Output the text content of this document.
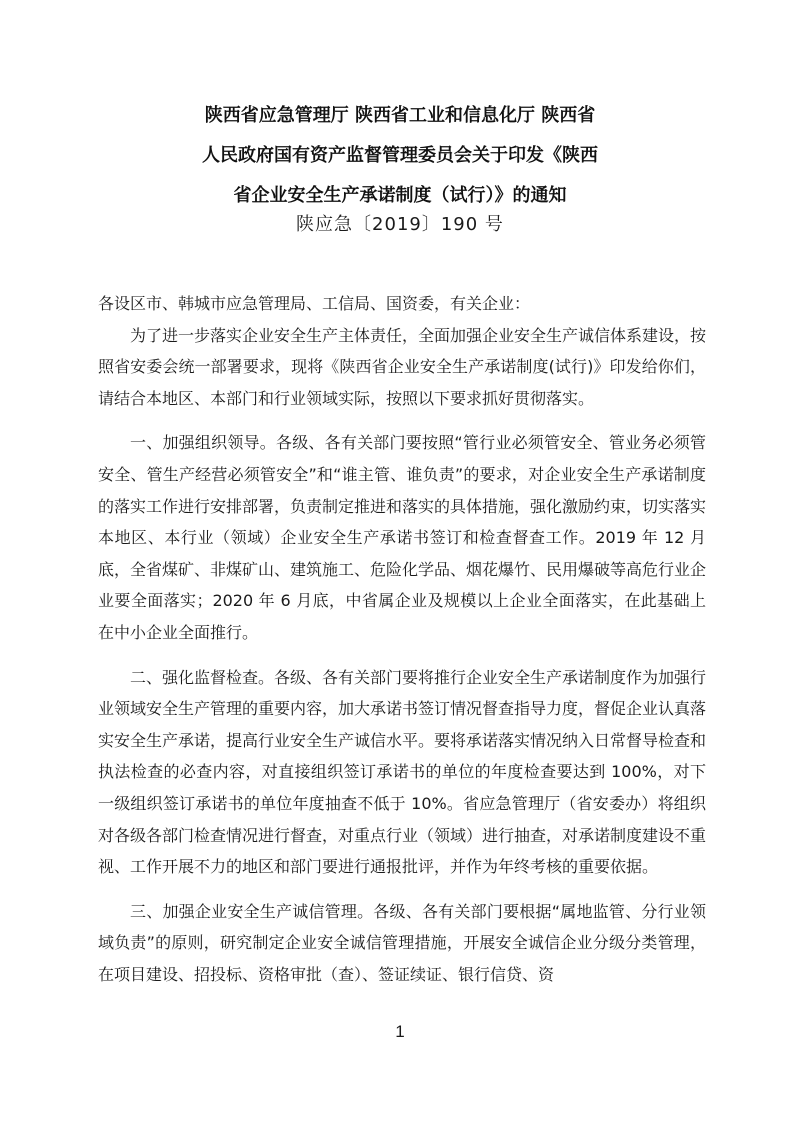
陕西省应急管理厅 陕西省工业和信息化厅 陕西省
人民政府国有资产监督管理委员会关于印发《陕西
省企业安全生产承诺制度（试行）》的通知
陕应急〔2019〕190 号

各设区市、韩城市应急管理局、工信局、国资委，有关企业：

为了进一步落实企业安全生产主体责任，全面加强企业安全生产诚信体系建设，按照省安委会统一部署要求，现将《陕西省企业安全生产承诺制度(试行)》印发给你们，请结合本地区、本部门和行业领域实际，按照以下要求抓好贯彻落实。

一、加强组织领导。各级、各有关部门要按照“管行业必须管安全、管业务必须管安全、管生产经营必须管安全”和“谁主管、谁负责”的要求，对企业安全生产承诺制度的落实工作进行安排部署，负责制定推进和落实的具体措施，强化激励约束，切实落实本地区、本行业（领域）企业安全生产承诺书签订和检查督查工作。2019 年 12 月底，全省煤矿、非煤矿山、建筑施工、危险化学品、烟花爆竹、民用爆破等高危行业企业要全面落实；2020 年 6 月底，中省属企业及规模以上企业全面落实，在此基础上在中小企业全面推行。

二、强化监督检查。各级、各有关部门要将推行企业安全生产承诺制度作为加强行业领域安全生产管理的重要内容，加大承诺书签订情况督查指导力度，督促企业认真落实安全生产承诺，提高行业安全生产诚信水平。要将承诺落实情况纳入日常督导检查和执法检查的必查内容，对直接组织签订承诺书的单位的年度检查要达到 100%，对下一级组织签订承诺书的单位年度抽查不低于 10%。省应急管理厅（省安委办）将组织对各级各部门检查情况进行督查，对重点行业（领域）进行抽查，对承诺制度建设不重视、工作开展不力的地区和部门要进行通报批评，并作为年终考核的重要依据。

三、加强企业安全生产诚信管理。各级、各有关部门要根据“属地监管、分行业领域负责”的原则，研究制定企业安全诚信管理措施，开展安全诚信企业分级分类管理，在项目建设、招投标、资格审批（查）、签证续证、银行信贷、资

1
